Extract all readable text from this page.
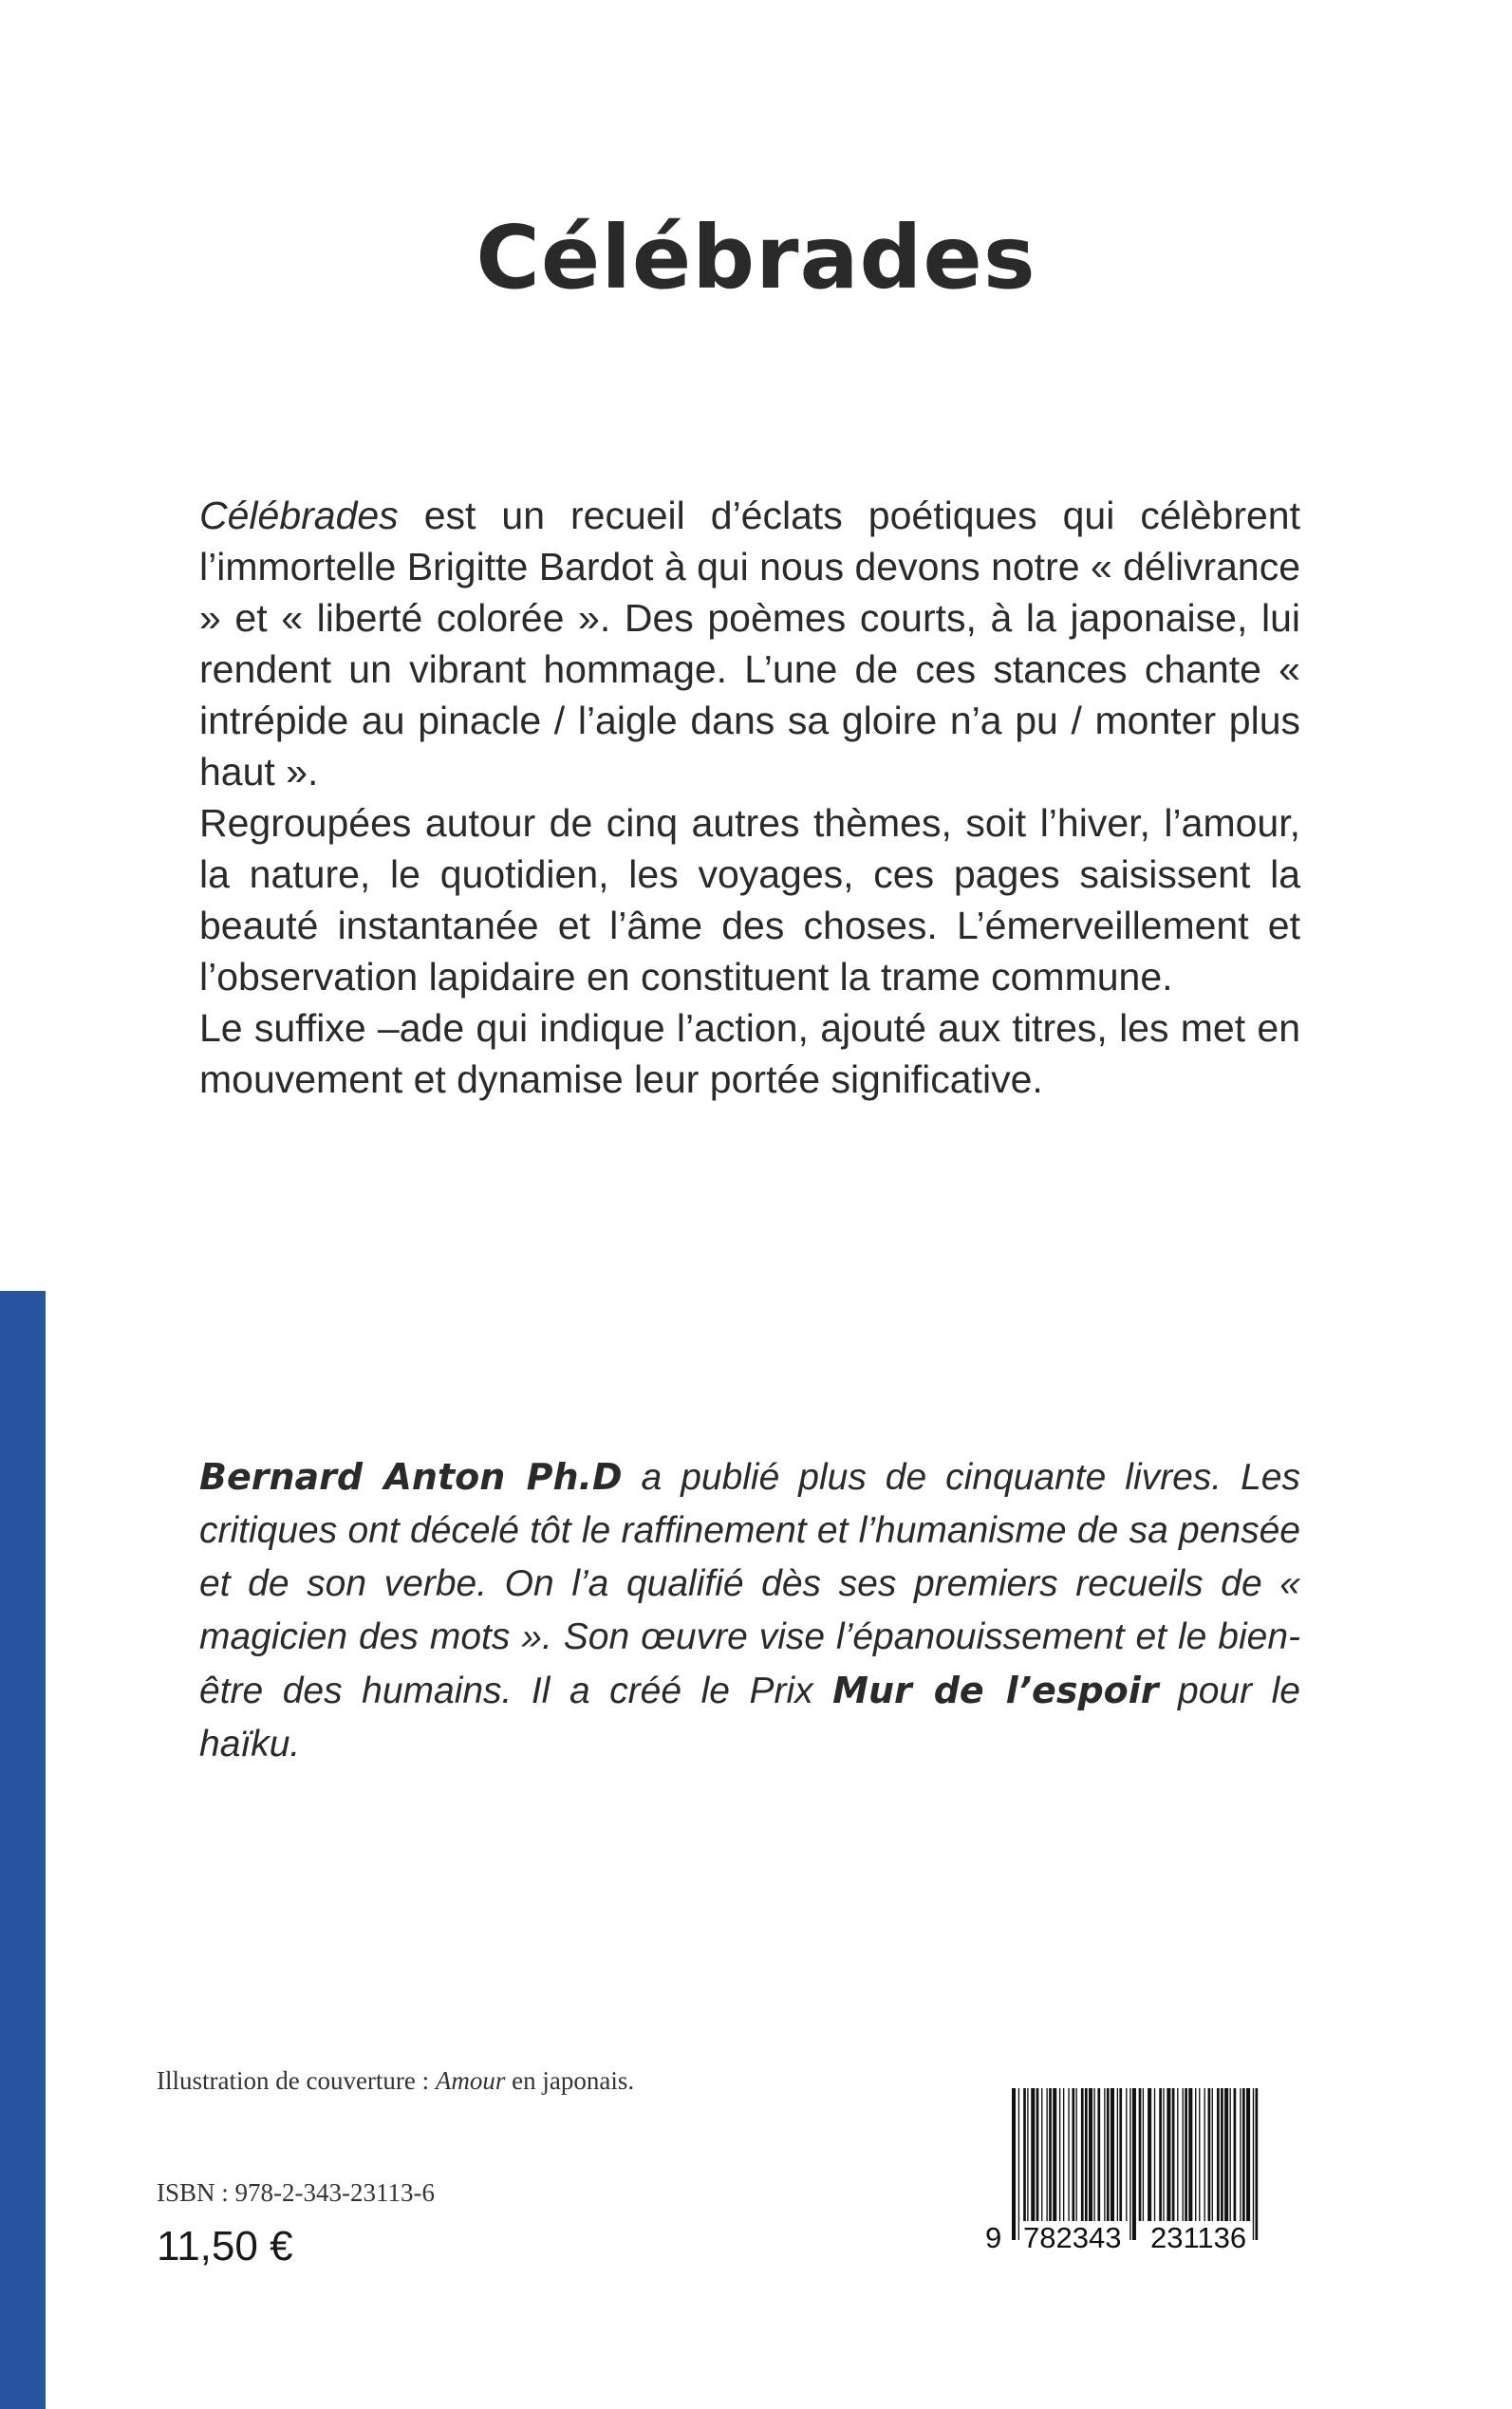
Célébrades

Célébrades est un recueil d’éclats poétiques qui célèbrent l’immortelle Brigitte Bardot à qui nous devons notre « délivrance » et « liberté colorée ». Des poèmes courts, à la japonaise, lui rendent un vibrant hommage. L’une de ces stances chante « intrépide au pinacle / l’aigle dans sa gloire n’a pu / monter plus haut ».

Regroupées autour de cinq autres thèmes, soit l’hiver, l’amour, la nature, le quotidien, les voyages, ces pages saisissent la beauté instantanée et l’âme des choses. L’émerveillement et l’observation lapidaire en constituent la trame commune.

Le suffixe –ade qui indique l’action, ajouté aux titres, les met en mouvement et dynamise leur portée significative.

Bernard Anton Ph.D a publié plus de cinquante livres. Les critiques ont décelé tôt le raffinement et l’humanisme de sa pensée et de son verbe. On l’a qualifié dès ses premiers recueils de « magicien des mots ». Son œuvre vise l’épanouissement et le bien-être des humains. Il a créé le Prix Mur de l’espoir pour le haïku.

Illustration de couverture : Amour en japonais.

ISBN : 978-2-343-23113-6

11,50 €	9 782343 231136
